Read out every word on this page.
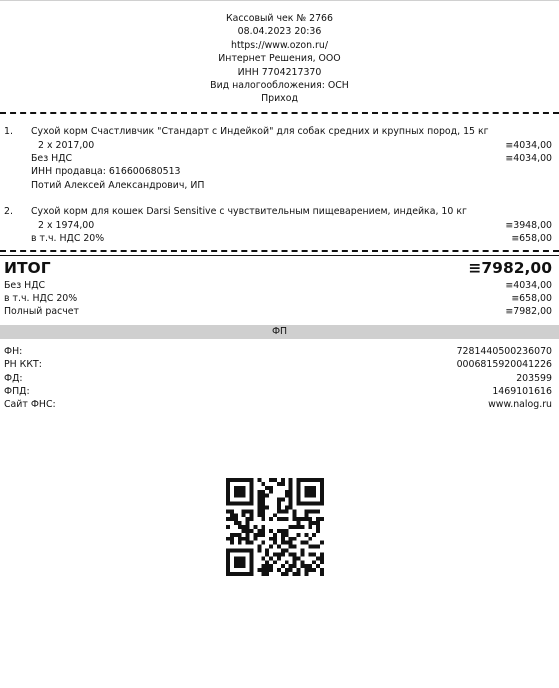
Кассовый чек № 2766
08.04.2023 20:36
https://www.ozon.ru/
Интернет Решения, ООО
ИНН 7704217370
Вид налогообложения: ОСН
Приход
1. Сухой корм Счастливчик "Стандарт с Индейкой" для собак средних и крупных пород, 15 кг
2 x 2017,00	≡4034,00
Без НДС	≡4034,00
ИНН продавца: 616600680513
Потий Алексей Александрович, ИП
2. Сухой корм для кошек Darsi Sensitive с чувствительным пищеварением, индейка, 10 кг
2 x 1974,00	≡3948,00
в т.ч. НДС 20%	≡658,00
ИТОГ	≡7982,00
Без НДС	≡4034,00
в т.ч. НДС 20%	≡658,00
Полный расчет	≡7982,00
ФП
ФН:	7281440500236070
РН ККТ:	0006815920041226
ФД:	203599
ФПД:	1469101616
Сайт ФНС:	www.nalog.ru
